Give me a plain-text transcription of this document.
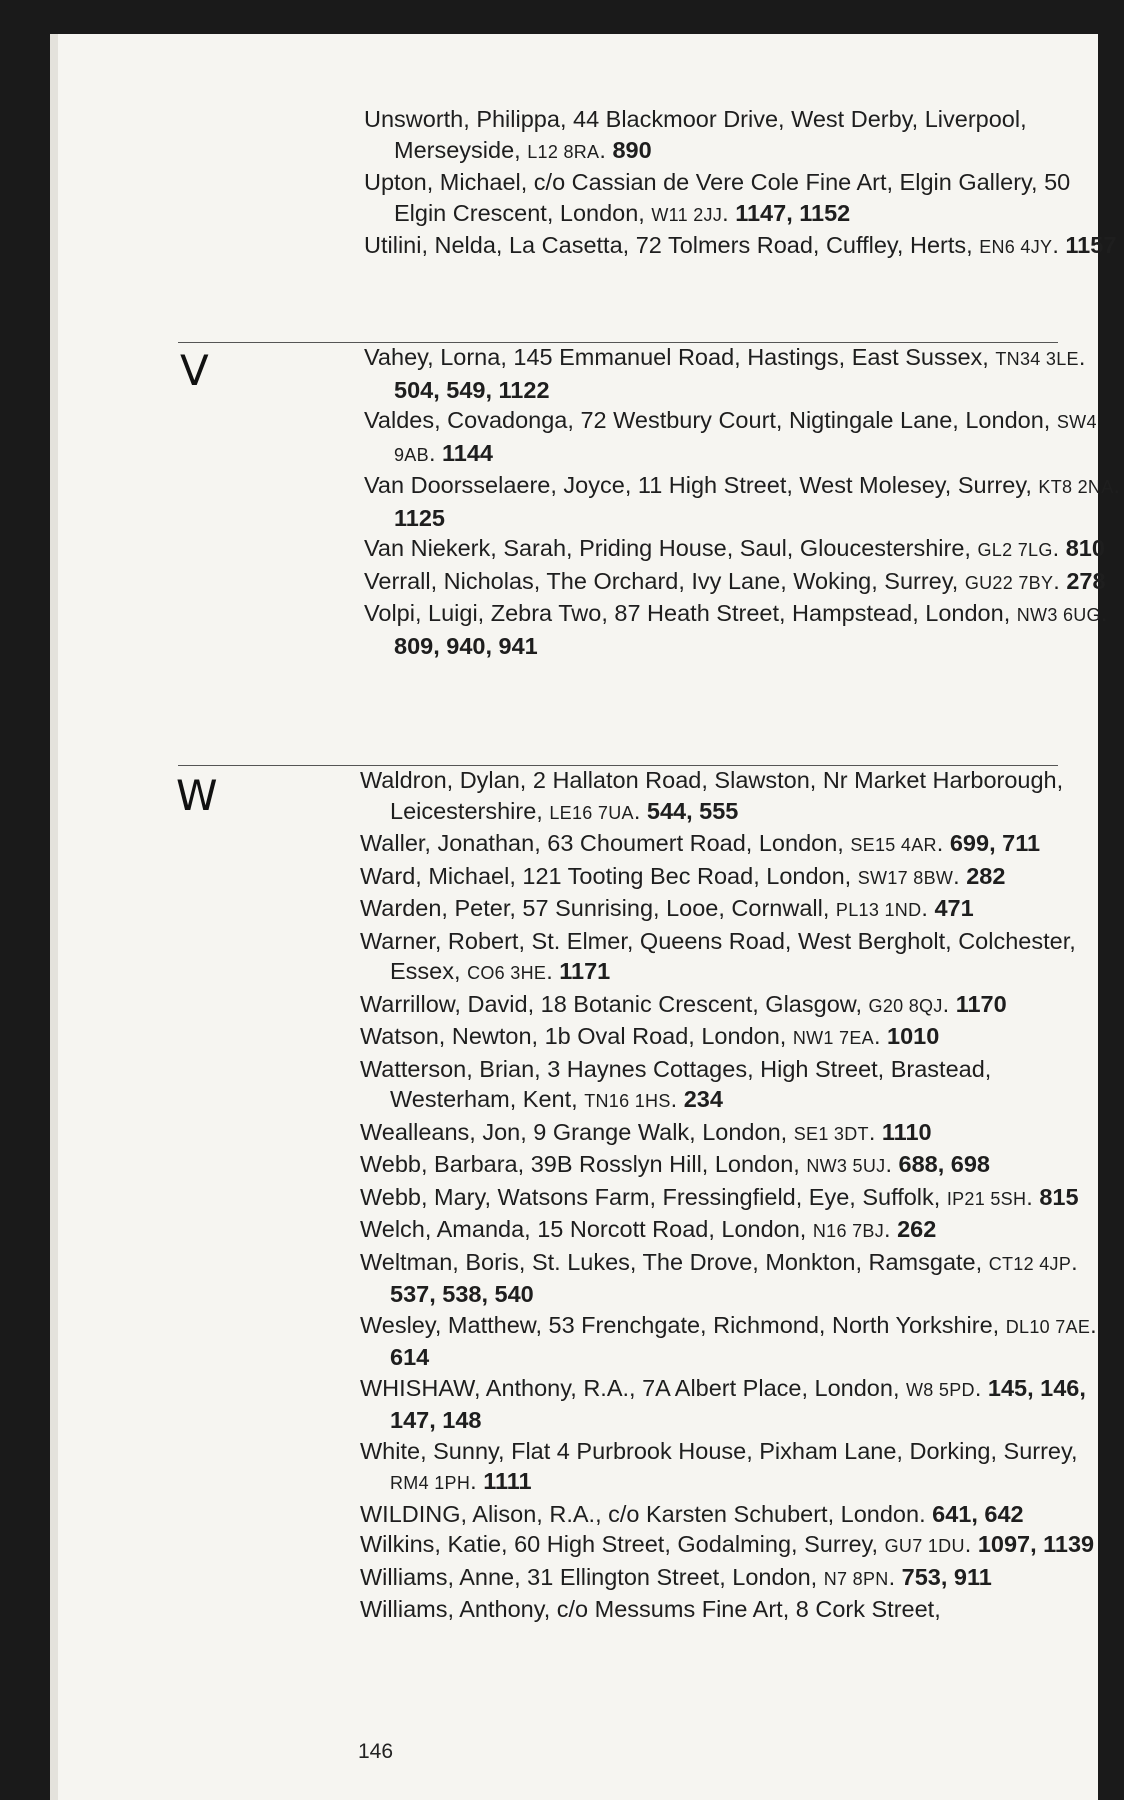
Unsworth, Philippa, 44 Blackmoor Drive, West Derby, Liverpool, Merseyside, L12 8RA. 890
Upton, Michael, c/o Cassian de Vere Cole Fine Art, Elgin Gallery, 50 Elgin Crescent, London, W11 2JJ. 1147, 1152
Utilini, Nelda, La Casetta, 72 Tolmers Road, Cuffley, Herts, EN6 4JY. 1157
V	Vahey, Lorna, 145 Emmanuel Road, Hastings, East Sussex, TN34 3LE. 504, 549, 1122
Valdes, Covadonga, 72 Westbury Court, Nigtingale Lane, London, SW4 9AB. 1144
Van Doorsselaere, Joyce, 11 High Street, West Molesey, Surrey, KT8 2NA. 1125
Van Niekerk, Sarah, Priding House, Saul, Gloucestershire, GL2 7LG. 810
Verrall, Nicholas, The Orchard, Ivy Lane, Woking, Surrey, GU22 7BY. 278
Volpi, Luigi, Zebra Two, 87 Heath Street, Hampstead, London, NW3 6UG. 809, 940, 941
W	Waldron, Dylan, 2 Hallaton Road, Slawston, Nr Market Harborough, Leicestershire, LE16 7UA. 544, 555
Waller, Jonathan, 63 Choumert Road, London, SE15 4AR. 699, 711
Ward, Michael, 121 Tooting Bec Road, London, SW17 8BW. 282
Warden, Peter, 57 Sunrising, Looe, Cornwall, PL13 1ND. 471
Warner, Robert, St. Elmer, Queens Road, West Bergholt, Colchester, Essex, CO6 3HE. 1171
Warrillow, David, 18 Botanic Crescent, Glasgow, G20 8QJ. 1170
Watson, Newton, 1b Oval Road, London, NW1 7EA. 1010
Watterson, Brian, 3 Haynes Cottages, High Street, Brastead, Westerham, Kent, TN16 1HS. 234
Wealleans, Jon, 9 Grange Walk, London, SE1 3DT. 1110
Webb, Barbara, 39B Rosslyn Hill, London, NW3 5UJ. 688, 698
Webb, Mary, Watsons Farm, Fressingfield, Eye, Suffolk, IP21 5SH. 815
Welch, Amanda, 15 Norcott Road, London, N16 7BJ. 262
Weltman, Boris, St. Lukes, The Drove, Monkton, Ramsgate, CT12 4JP. 537, 538, 540
Wesley, Matthew, 53 Frenchgate, Richmond, North Yorkshire, DL10 7AE. 614
WHISHAW, Anthony, R.A., 7A Albert Place, London, W8 5PD. 145, 146, 147, 148
White, Sunny, Flat 4 Purbrook House, Pixham Lane, Dorking, Surrey, RM4 1PH. 1111
WILDING, Alison, R.A., c/o Karsten Schubert, London. 641, 642
Wilkins, Katie, 60 High Street, Godalming, Surrey, GU7 1DU. 1097, 1139
Williams, Anne, 31 Ellington Street, London, N7 8PN. 753, 911
Williams, Anthony, c/o Messums Fine Art, 8 Cork Street,
146
